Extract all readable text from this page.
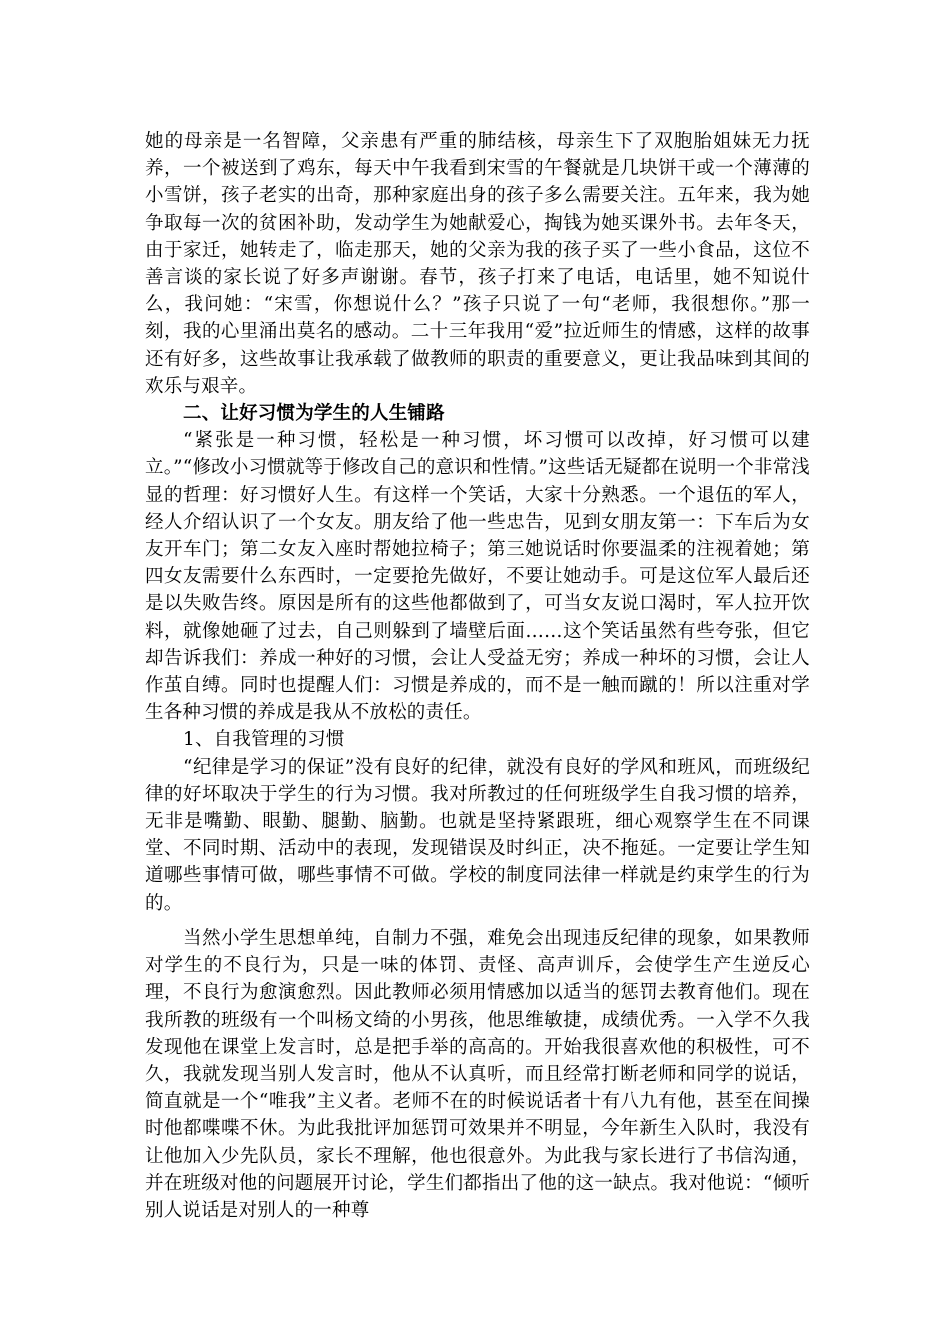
她的母亲是一名智障，父亲患有严重的肺结核，母亲生下了双胞胎姐妹无力抚养，一个被送到了鸡东，每天中午我看到宋雪的午餐就是几块饼干或一个薄薄的小雪饼，孩子老实的出奇，那种家庭出身的孩子多么需要关注。五年来，我为她争取每一次的贫困补助，发动学生为她献爱心，掏钱为她买课外书。去年冬天，由于家迁，她转走了，临走那天，她的父亲为我的孩子买了一些小食品，这位不善言谈的家长说了好多声谢谢。春节，孩子打来了电话，电话里，她不知说什么，我问她：“宋雪，你想说什么？”孩子只说了一句“老师，我很想你。”那一刻，我的心里涌出莫名的感动。二十三年我用“爱”拉近师生的情感，这样的故事还有好多，这些故事让我承载了做教师的职责的重要意义，更让我品味到其间的欢乐与艰辛。

二、让好习惯为学生的人生铺路

“紧张是一种习惯，轻松是一种习惯，坏习惯可以改掉，好习惯可以建立。”“修改小习惯就等于修改自己的意识和性情。”这些话无疑都在说明一个非常浅显的哲理：好习惯好人生。有这样一个笑话，大家十分熟悉。一个退伍的军人，经人介绍认识了一个女友。朋友给了他一些忠告，见到女朋友第一：下车后为女友开车门；第二女友入座时帮她拉椅子；第三她说话时你要温柔的注视着她；第四女友需要什么东西时，一定要抢先做好，不要让她动手。可是这位军人最后还是以失败告终。原因是所有的这些他都做到了，可当女友说口渴时，军人拉开饮料，就像她砸了过去，自己则躲到了墙壁后面……这个笑话虽然有些夸张，但它却告诉我们：养成一种好的习惯，会让人受益无穷；养成一种坏的习惯，会让人作茧自缚。同时也提醒人们：习惯是养成的，而不是一触而蹴的！所以注重对学生各种习惯的养成是我从不放松的责任。

1、自我管理的习惯

“纪律是学习的保证”没有良好的纪律，就没有良好的学风和班风，而班级纪律的好坏取决于学生的行为习惯。我对所教过的任何班级学生自我习惯的培养，无非是嘴勤、眼勤、腿勤、脑勤。也就是坚持紧跟班，细心观察学生在不同课堂、不同时期、活动中的表现，发现错误及时纠正，决不拖延。一定要让学生知道哪些事情可做，哪些事情不可做。学校的制度同法律一样就是约束学生的行为的。

当然小学生思想单纯，自制力不强，难免会出现违反纪律的现象，如果教师对学生的不良行为，只是一味的体罚、责怪、高声训斥，会使学生产生逆反心理，不良行为愈演愈烈。因此教师必须用情感加以适当的惩罚去教育他们。现在我所教的班级有一个叫杨文绮的小男孩，他思维敏捷，成绩优秀。一入学不久我发现他在课堂上发言时，总是把手举的高高的。开始我很喜欢他的积极性，可不久，我就发现当别人发言时，他从不认真听，而且经常打断老师和同学的说话，简直就是一个“唯我”主义者。老师不在的时候说话者十有八九有他，甚至在间操时他都喋喋不休。为此我批评加惩罚可效果并不明显，今年新生入队时，我没有让他加入少先队员，家长不理解，他也很意外。为此我与家长进行了书信沟通，并在班级对他的问题展开讨论，学生们都指出了他的这一缺点。我对他说：“倾听别人说话是对别人的一种尊
